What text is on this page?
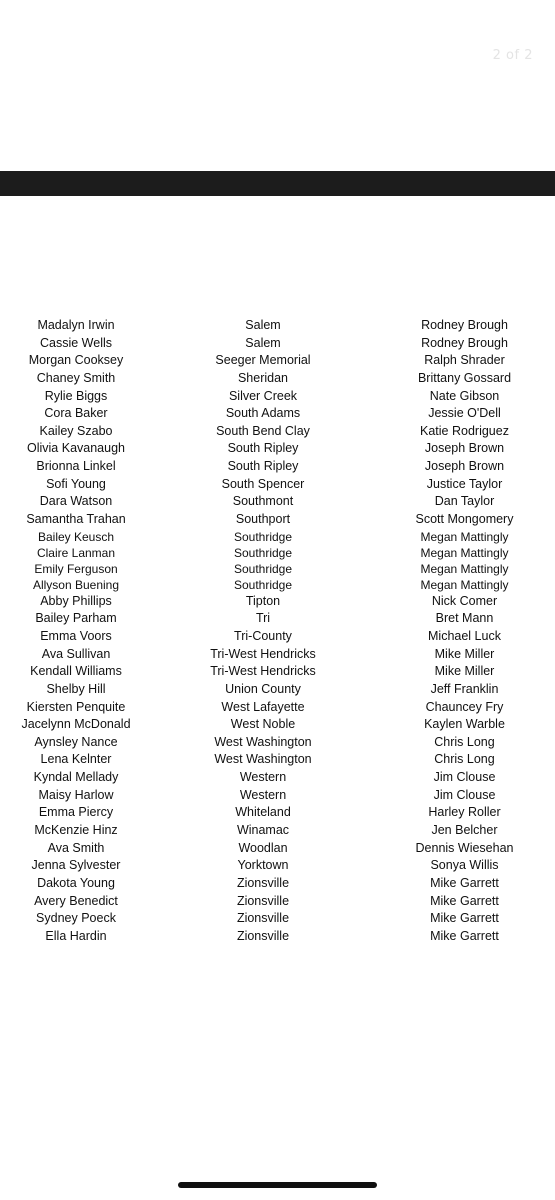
2 of 2
Madalyn Irwin	Salem	Rodney Brough
Cassie Wells	Salem	Rodney Brough
Morgan Cooksey	Seeger Memorial	Ralph Shrader
Chaney Smith	Sheridan	Brittany Gossard
Rylie Biggs	Silver Creek	Nate Gibson
Cora Baker	South Adams	Jessie O'Dell
Kailey Szabo	South Bend Clay	Katie Rodriguez
Olivia Kavanaugh	South Ripley	Joseph Brown
Brionna Linkel	South Ripley	Joseph Brown
Sofi Young	South Spencer	Justice Taylor
Dara Watson	Southmont	Dan Taylor
Samantha Trahan	Southport	Scott Mongomery
Bailey Keusch	Southridge	Megan Mattingly
Claire Lanman	Southridge	Megan Mattingly
Emily Ferguson	Southridge	Megan Mattingly
Allyson Buening	Southridge	Megan Mattingly
Abby Phillips	Tipton	Nick Comer
Bailey Parham	Tri	Bret Mann
Emma Voors	Tri-County	Michael Luck
Ava Sullivan	Tri-West Hendricks	Mike Miller
Kendall Williams	Tri-West Hendricks	Mike Miller
Shelby Hill	Union County	Jeff Franklin
Kiersten Penquite	West Lafayette	Chauncey Fry
Jacelynn McDonald	West Noble	Kaylen Warble
Aynsley Nance	West Washington	Chris Long
Lena Kelnter	West Washington	Chris Long
Kyndal Mellady	Western	Jim Clouse
Maisy Harlow	Western	Jim Clouse
Emma Piercy	Whiteland	Harley Roller
McKenzie Hinz	Winamac	Jen Belcher
Ava Smith	Woodlan	Dennis Wiesehan
Jenna Sylvester	Yorktown	Sonya Willis
Dakota Young	Zionsville	Mike Garrett
Avery Benedict	Zionsville	Mike Garrett
Sydney Poeck	Zionsville	Mike Garrett
Ella Hardin	Zionsville	Mike Garrett
